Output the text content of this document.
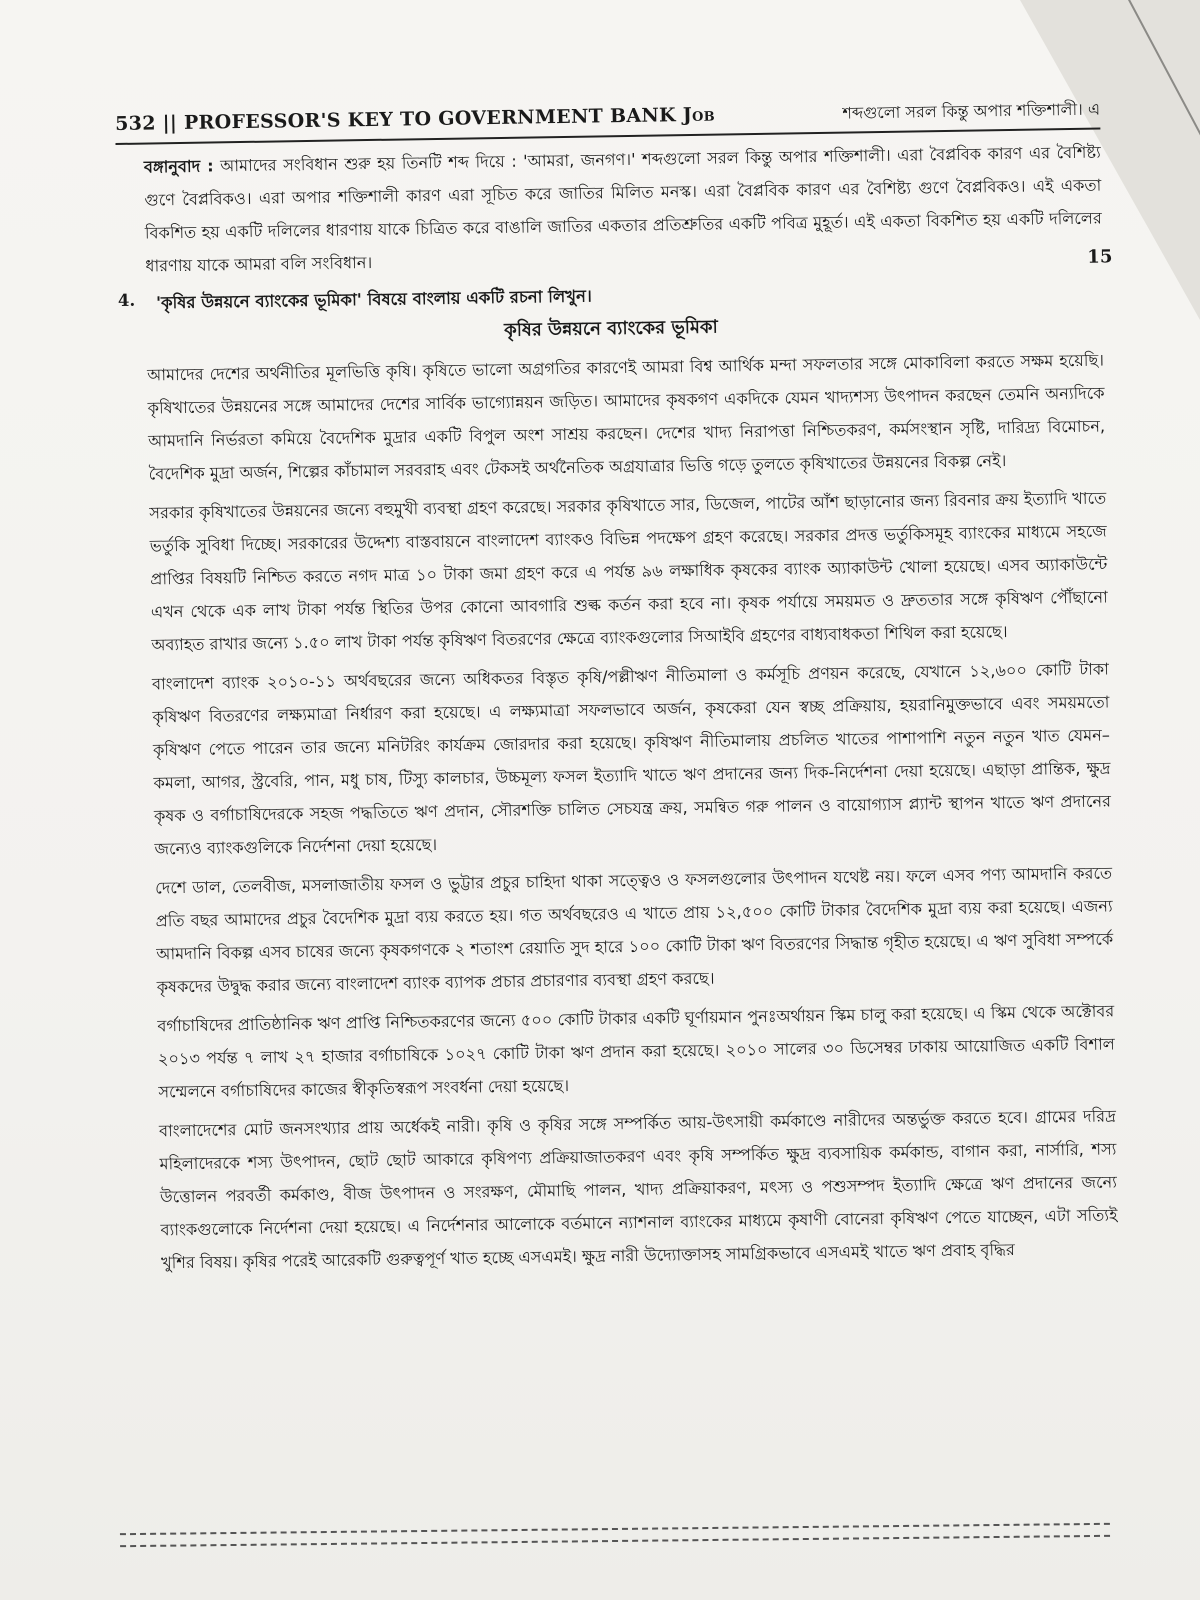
532 || PROFESSOR'S KEY TO GOVERNMENT BANK Job	শব্দগুলো সরল কিন্তু অপার শক্তিশালী। এ

বঙ্গানুবাদ : আমাদের সংবিধান শুরু হয় তিনটি শব্দ দিয়ে : 'আমরা, জনগণ।' শব্দগুলো সরল কিন্তু অপার শক্তিশালী। এরা বৈপ্লবিক কারণ এর বৈশিষ্ট্য গুণে বৈপ্লবিকও। এরা অপার শক্তিশালী কারণ এরা সূচিত করে জাতির মিলিত মনস্ক। এরা বৈপ্লবিক কারণ এর বৈশিষ্ট্য গুণে বৈপ্লবিকও। এই একতা বিকশিত হয় একটি দলিলের ধারণায় যাকে চিত্রিত করে বাঙালি জাতির একতার প্রতিশ্রুতির একটি পবিত্র মুহূর্ত। এই একতা বিকশিত হয় একটি দলিলের ধারণায় যাকে আমরা বলি সংবিধান।	15
4. 'কৃষির উন্নয়নে ব্যাংকের ভূমিকা' বিষয়ে বাংলায় একটি রচনা লিখুন।
কৃষির উন্নয়নে ব্যাংকের ভূমিকা

আমাদের দেশের অর্থনীতির মূলভিত্তি কৃষি। কৃষিতে ভালো অগ্রগতির কারণেই আমরা বিশ্ব আর্থিক মন্দা সফলতার সঙ্গে মোকাবিলা করতে সক্ষম হয়েছি। কৃষিখাতের উন্নয়নের সঙ্গে আমাদের দেশের সার্বিক ভাগ্যোন্নয়ন জড়িত। আমাদের কৃষকগণ একদিকে যেমন খাদ্যশস্য উৎপাদন করছেন তেমনি অন্যদিকে আমদানি নির্ভরতা কমিয়ে বৈদেশিক মুদ্রার একটি বিপুল অংশ সাশ্রয় করছেন। দেশের খাদ্য নিরাপত্তা নিশ্চিতকরণ, কর্মসংস্থান সৃষ্টি, দারিদ্র্য বিমোচন, বৈদেশিক মুদ্রা অর্জন, শিল্পের কাঁচামাল সরবরাহ এবং টেকসই অর্থনৈতিক অগ্রযাত্রার ভিত্তি গড়ে তুলতে কৃষিখাতের উন্নয়নের বিকল্প নেই।

সরকার কৃষিখাতের উন্নয়নের জন্যে বহুমুখী ব্যবস্থা গ্রহণ করেছে। সরকার কৃষিখাতে সার, ডিজেল, পাটের আঁশ ছাড়ানোর জন্য রিবনার ক্রয় ইত্যাদি খাতে ভর্তুকি সুবিধা দিচ্ছে। সরকারের উদ্দেশ্য বাস্তবায়নে বাংলাদেশ ব্যাংকও বিভিন্ন পদক্ষেপ গ্রহণ করেছে। সরকার প্রদত্ত ভর্তুকিসমূহ ব্যাংকের মাধ্যমে সহজে প্রাপ্তির বিষয়টি নিশ্চিত করতে নগদ মাত্র ১০ টাকা জমা গ্রহণ করে এ পর্যন্ত ৯৬ লক্ষাধিক কৃষকের ব্যাংক অ্যাকাউন্ট খোলা হয়েছে। এসব অ্যাকাউন্টে এখন থেকে এক লাখ টাকা পর্যন্ত স্থিতির উপর কোনো আবগারি শুল্ক কর্তন করা হবে না। কৃষক পর্যায়ে সময়মত ও দ্রুততার সঙ্গে কৃষিঋণ পৌঁছানো অব্যাহত রাখার জন্যে ১.৫০ লাখ টাকা পর্যন্ত কৃষিঋণ বিতরণের ক্ষেত্রে ব্যাংকগুলোর সিআইবি গ্রহণের বাধ্যবাধকতা শিথিল করা হয়েছে।

বাংলাদেশ ব্যাংক ২০১০-১১ অর্থবছরের জন্যে অধিকতর বিস্তৃত কৃষি/পল্লীঋণ নীতিমালা ও কর্মসূচি প্রণয়ন করেছে, যেখানে ১২,৬০০ কোটি টাকা কৃষিঋণ বিতরণের লক্ষ্যমাত্রা নির্ধারণ করা হয়েছে। এ লক্ষ্যমাত্রা সফলভাবে অর্জন, কৃষকেরা যেন স্বচ্ছ প্রক্রিয়ায়, হয়রানিমুক্তভাবে এবং সময়মতো কৃষিঋণ পেতে পারেন তার জন্যে মনিটরিং কার্যক্রম জোরদার করা হয়েছে। কৃষিঋণ নীতিমালায় প্রচলিত খাতের পাশাপাশি নতুন নতুন খাত যেমন– কমলা, আগর, স্ট্রবেরি, পান, মধু চাষ, টিস্যু কালচার, উচ্চমূল্য ফসল ইত্যাদি খাতে ঋণ প্রদানের জন্য দিক-নির্দেশনা দেয়া হয়েছে। এছাড়া প্রান্তিক, ক্ষুদ্র কৃষক ও বর্গাচাষিদেরকে সহজ পদ্ধতিতে ঋণ প্রদান, সৌরশক্তি চালিত সেচযন্ত্র ক্রয়, সমন্বিত গরু পালন ও বায়োগ্যাস প্ল্যান্ট স্থাপন খাতে ঋণ প্রদানের জন্যেও ব্যাংকগুলিকে নির্দেশনা দেয়া হয়েছে।

দেশে ডাল, তেলবীজ, মসলাজাতীয় ফসল ও ভুট্টার প্রচুর চাহিদা থাকা সত্ত্বেও ও ফসলগুলোর উৎপাদন যথেষ্ট নয়। ফলে এসব পণ্য আমদানি করতে প্রতি বছর আমাদের প্রচুর বৈদেশিক মুদ্রা ব্যয় করতে হয়। গত অর্থবছরেও এ খাতে প্রায় ১২,৫০০ কোটি টাকার বৈদেশিক মুদ্রা ব্যয় করা হয়েছে। এজন্য আমদানি বিকল্প এসব চাষের জন্যে কৃষকগণকে ২ শতাংশ রেয়াতি সুদ হারে ১০০ কোটি টাকা ঋণ বিতরণের সিদ্ধান্ত গৃহীত হয়েছে। এ ঋণ সুবিধা সম্পর্কে কৃষকদের উদ্বুদ্ধ করার জন্যে বাংলাদেশ ব্যাংক ব্যাপক প্রচার প্রচারণার ব্যবস্থা গ্রহণ করছে।

বর্গাচাষিদের প্রাতিষ্ঠানিক ঋণ প্রাপ্তি নিশ্চিতকরণের জন্যে ৫০০ কোটি টাকার একটি ঘূর্ণায়মান পুনঃঅর্থায়ন স্কিম চালু করা হয়েছে। এ স্কিম থেকে অক্টোবর ২০১৩ পর্যন্ত ৭ লাখ ২৭ হাজার বর্গাচাষিকে ১০২৭ কোটি টাকা ঋণ প্রদান করা হয়েছে। ২০১০ সালের ৩০ ডিসেম্বর ঢাকায় আয়োজিত একটি বিশাল সম্মেলনে বর্গাচাষিদের কাজের স্বীকৃতিস্বরূপ সংবর্ধনা দেয়া হয়েছে।

বাংলাদেশের মোট জনসংখ্যার প্রায় অর্ধেকই নারী। কৃষি ও কৃষির সঙ্গে সম্পর্কিত আয়-উৎসায়ী কর্মকাণ্ডে নারীদের অন্তর্ভুক্ত করতে হবে। গ্রামের দরিদ্র মহিলাদেরকে শস্য উৎপাদন, ছোট ছোট আকারে কৃষিপণ্য প্রক্রিয়াজাতকরণ এবং কৃষি সম্পর্কিত ক্ষুদ্র ব্যবসায়িক কর্মকান্ড, বাগান করা, নার্সারি, শস্য উত্তোলন পরবর্তী কর্মকাণ্ড, বীজ উৎপাদন ও সংরক্ষণ, মৌমাছি পালন, খাদ্য প্রক্রিয়াকরণ, মৎস্য ও পশুসম্পদ ইত্যাদি ক্ষেত্রে ঋণ প্রদানের জন্যে ব্যাংকগুলোকে নির্দেশনা দেয়া হয়েছে। এ নির্দেশনার আলোকে বর্তমানে ন্যাশনাল ব্যাংকের মাধ্যমে কৃষাণী বোনেরা কৃষিঋণ পেতে যাচ্ছেন, এটা সত্যিই খুশির বিষয়। কৃষির পরেই আরেকটি গুরুত্বপূর্ণ খাত হচ্ছে এসএমই। ক্ষুদ্র নারী উদ্যোক্তাসহ সামগ্রিকভাবে এসএমই খাতে ঋণ প্রবাহ বৃদ্ধির
